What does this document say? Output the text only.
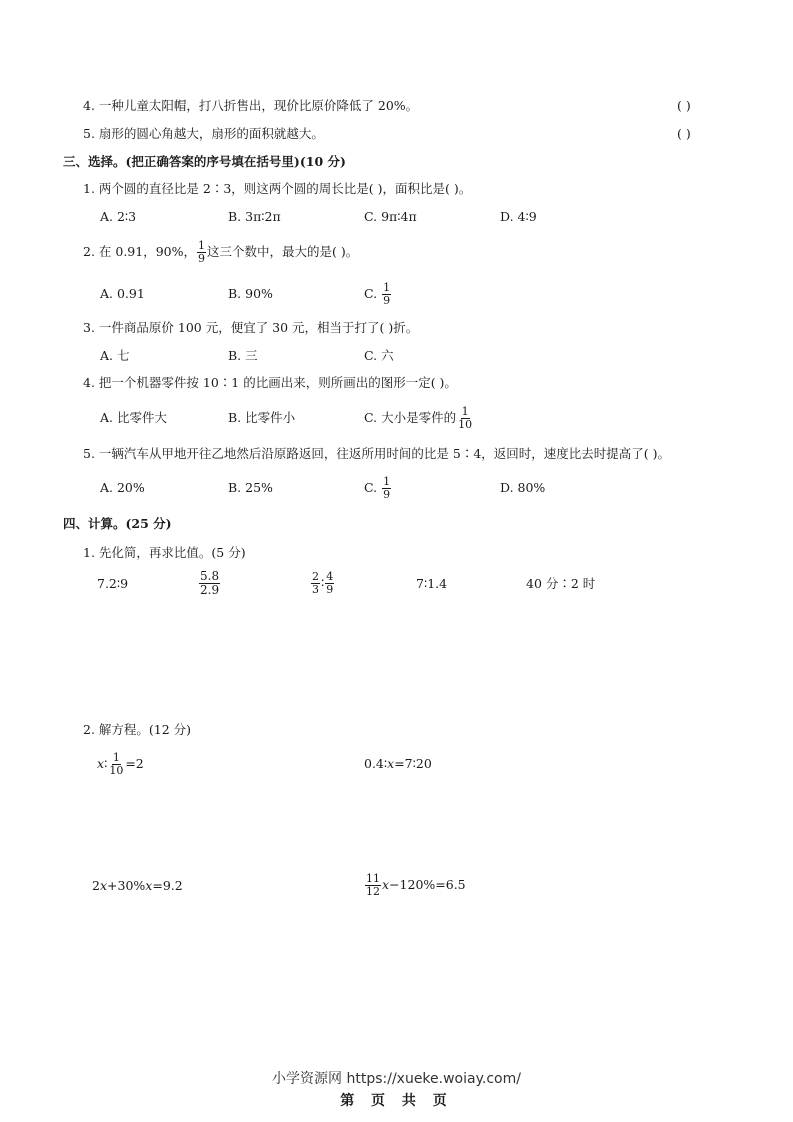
4. 一种儿童太阳帽，打八折售出，现价比原价降低了 20%。	( )
5. 扇形的圆心角越大，扇形的面积就越大。	( )
三、选择。(把正确答案的序号填在括号里)(10 分)
1. 两个圆的直径比是 2∶3，则这两个圆的周长比是( )，面积比是( )。
A. 2∶3	B. 3π∶2π	C. 9π∶4π	D. 4∶9
2. 在 0.91，90%， $\frac{1}{9}$ 这三个数中，最大的是( )。
A. 0.91	B. 90%	C. $\frac{1}{9}$
3. 一件商品原价 100 元，便宜了 30 元，相当于打了( )折。
A. 七	B. 三	C. 六
4. 把一个机器零件按 10∶1 的比画出来，则所画出的图形一定( )。
A. 比零件大	B. 比零件小	C. 大小是零件的 $\frac{1}{10}$
5. 一辆汽车从甲地开往乙地然后沿原路返回，往返所用时间的比是 5∶4，返回时，速度比去时提高了( )。
A. 20%	B. 25%	C. $\frac{1}{9}$	D. 80%
四、计算。(25 分)
1. 先化简，再求比值。(5 分)
7.2∶9	$\frac{5.8}{2.9}$	$\frac{2}{3}$ ∶ $\frac{4}{9}$	7∶1.4	40 分∶2 时
2. 解方程。(12 分)
x∶ $\frac{1}{10} =2$	0.4∶x=7∶20
2x+30%x=9.2	$\frac{11}{12} x-120\%=6.5$
小学资源网 https://xueke.woiay.com/
第 页 共 页
